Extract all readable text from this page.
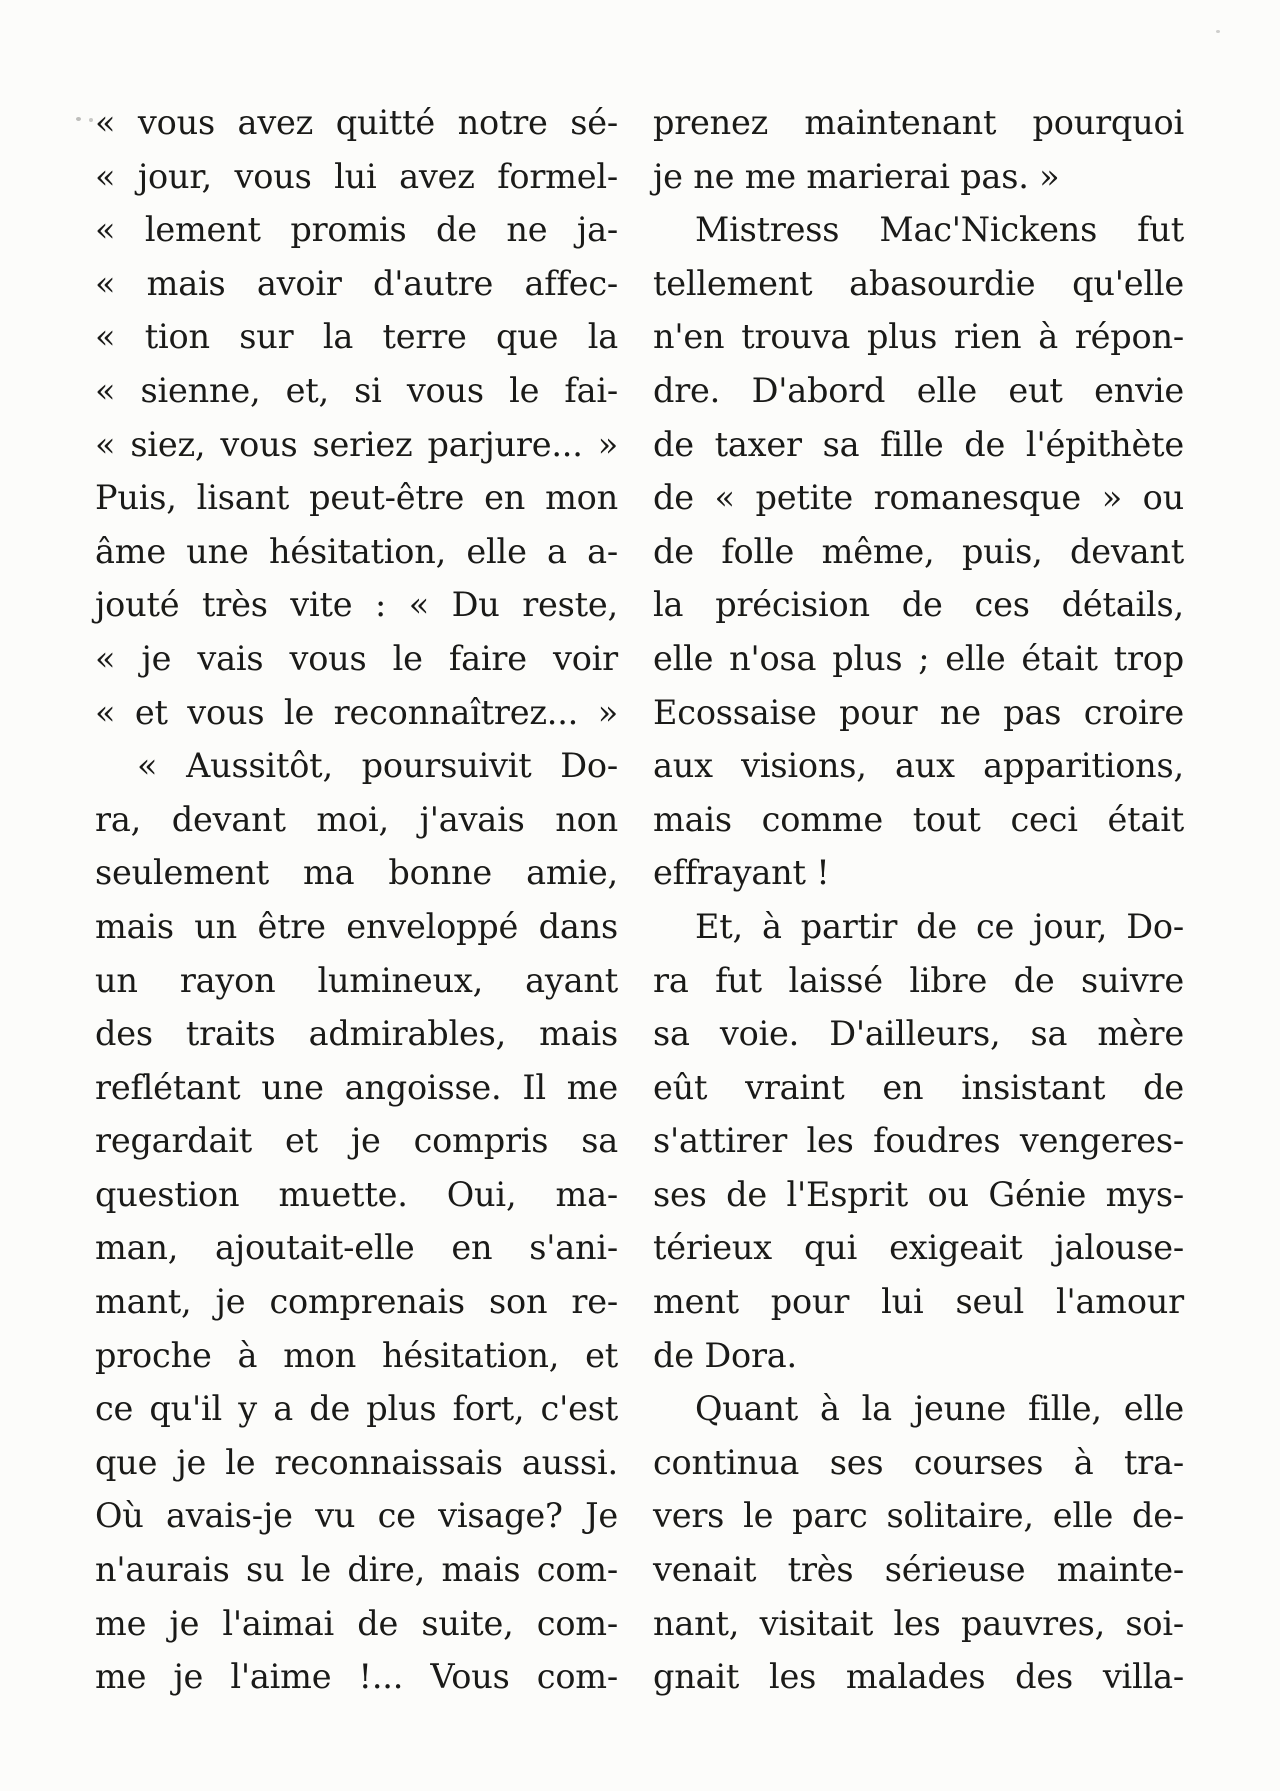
« vous avez quitté notre sé-
« jour, vous lui avez formel-
« lement promis de ne ja-
« mais avoir d'autre affec-
« tion sur la terre que la
« sienne, et, si vous le fai-
« siez, vous seriez parjure... »
Puis, lisant peut-être en mon
âme une hésitation, elle a a-
jouté très vite : « Du reste,
« je vais vous le faire voir
« et vous le reconnaîtrez... »
« Aussitôt, poursuivit Do-
ra, devant moi, j'avais non
seulement ma bonne amie,
mais un être enveloppé dans
un rayon lumineux, ayant
des traits admirables, mais
reflétant une angoisse. Il me
regardait et je compris sa
question muette. Oui, ma-
man, ajoutait-elle en s'ani-
mant, je comprenais son re-
proche à mon hésitation, et
ce qu'il y a de plus fort, c'est
que je le reconnaissais aussi.
Où avais-je vu ce visage? Je
n'aurais su le dire, mais com-
me je l'aimai de suite, com-
me je l'aime !... Vous com-
prenez maintenant pourquoi
je ne me marierai pas. »
Mistress Mac'Nickens fut
tellement abasourdie qu'elle
n'en trouva plus rien à répon-
dre. D'abord elle eut envie
de taxer sa fille de l'épithète
de « petite romanesque » ou
de folle même, puis, devant
la précision de ces détails,
elle n'osa plus ; elle était trop
Ecossaise pour ne pas croire
aux visions, aux apparitions,
mais comme tout ceci était
effrayant !
Et, à partir de ce jour, Do-
ra fut laissé libre de suivre
sa voie. D'ailleurs, sa mère
eût vraint en insistant de
s'attirer les foudres vengeres-
ses de l'Esprit ou Génie mys-
térieux qui exigeait jalouse-
ment pour lui seul l'amour
de Dora.
Quant à la jeune fille, elle
continua ses courses à tra-
vers le parc solitaire, elle de-
venait très sérieuse mainte-
nant, visitait les pauvres, soi-
gnait les malades des villa-
